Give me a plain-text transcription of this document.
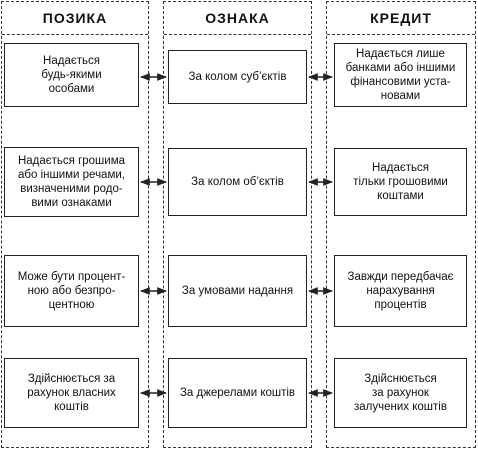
ПОЗИКА	ОЗНАКА	КРЕДИТ
Надається
будь-якими
особами
За колом суб’єктів
Надається лише
банками або іншими
фінансовими уста-
новами
Надається грошима
або іншими речами,
визначеними родо-
вими ознаками
За колом об’єктів
Надається
тільки грошовими
коштами
Може бути процент-
ною або безпро-
центною
За умовами надання
Завжди передбачає
нарахування
процентів
Здійснюється за
рахунок власних
коштів
За джерелами коштів
Здійснюється
за рахунок
залучених коштів
